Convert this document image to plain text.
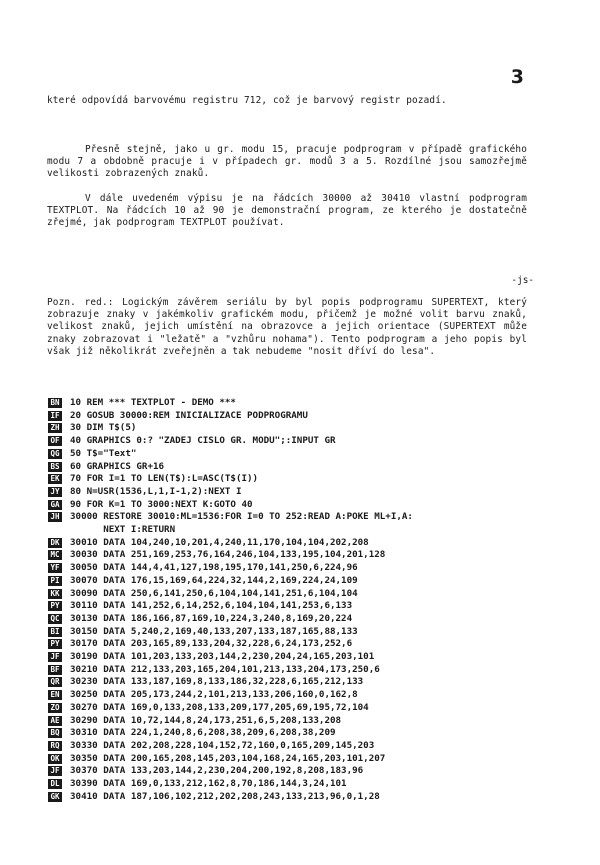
3

které odpovídá barvovému registru 712, což je barvový registr pozadí.

Přesně stejně, jako u gr. modu 15, pracuje podprogram v případě grafického modu 7 a obdobně pracuje i v případech gr. modů 3 a 5. Rozdílné jsou samozřejmě velikosti zobrazených znaků.

V dále uvedeném výpisu je na řádcích 30000 až 30410 vlastní podprogram TEXTPLOT. Na řádcích 10 až 90 je demonstrační program, ze kterého je dostatečně zřejmé, jak podprogram TEXTPLOT používat.

-js-

Pozn. red.: Logickým závěrem seriálu by byl popis podprogramu SUPERTEXT, který zobrazuje znaky v jakémkoliv grafickém modu, přičemž je možné volit barvu znaků, velikost znaků, jejich umístění na obrazovce a jejich orientace (SUPERTEXT může znaky zobrazovat i "ležatě" a "vzhůru nohama"). Tento podprogram a jeho popis byl však již několikrát zveřejněn a tak nebudeme "nosit dříví do lesa".

BN 10 REM *** TEXTPLOT - DEMO ***
IF 20 GOSUB 30000:REM INICIALIZACE PODPROGRAMU
ZH 30 DIM T$(5)
OF 40 GRAPHICS 0:? "ZADEJ CISLO GR. MODU";:INPUT GR
QG 50 T$="Text"
BS 60 GRAPHICS GR+16
EK 70 FOR I=1 TO LEN(T$):L=ASC(T$(I))
JY 80 N=USR(1536,L,1,I-1,2):NEXT I
GA 90 FOR K=1 TO 3000:NEXT K:GOTO 40
JH 30000 RESTORE 30010:ML=1536:FOR I=0 TO 252:READ A:POKE ML+I,A:
NEXT I:RETURN
DK 30010 DATA 104,240,10,201,4,240,11,170,104,104,202,208
MC 30030 DATA 251,169,253,76,164,246,104,133,195,104,201,128
YF 30050 DATA 144,4,41,127,198,195,170,141,250,6,224,96
PI 30070 DATA 176,15,169,64,224,32,144,2,169,224,24,109
KK 30090 DATA 250,6,141,250,6,104,104,141,251,6,104,104
PY 30110 DATA 141,252,6,14,252,6,104,104,141,253,6,133
QC 30130 DATA 186,166,87,169,10,224,3,240,8,169,20,224
BI 30150 DATA 5,240,2,169,40,133,207,133,187,165,88,133
PY 30170 DATA 203,165,89,133,204,32,228,6,24,173,252,6
JF 30190 DATA 101,203,133,203,144,2,230,204,24,165,203,101
BF 30210 DATA 212,133,203,165,204,101,213,133,204,173,250,6
QR 30230 DATA 133,187,169,8,133,186,32,228,6,165,212,133
EN 30250 DATA 205,173,244,2,101,213,133,206,160,0,162,8
ZO 30270 DATA 169,0,133,208,133,209,177,205,69,195,72,104
AE 30290 DATA 10,72,144,8,24,173,251,6,5,208,133,208
BQ 30310 DATA 224,1,240,8,6,208,38,209,6,208,38,209
RQ 30330 DATA 202,208,228,104,152,72,160,0,165,209,145,203
OK 30350 DATA 200,165,208,145,203,104,168,24,165,203,101,207
JF 30370 DATA 133,203,144,2,230,204,200,192,8,208,183,96
DL 30390 DATA 169,0,133,212,162,8,70,186,144,3,24,101
GK 30410 DATA 187,106,102,212,202,208,243,133,213,96,0,1,28
